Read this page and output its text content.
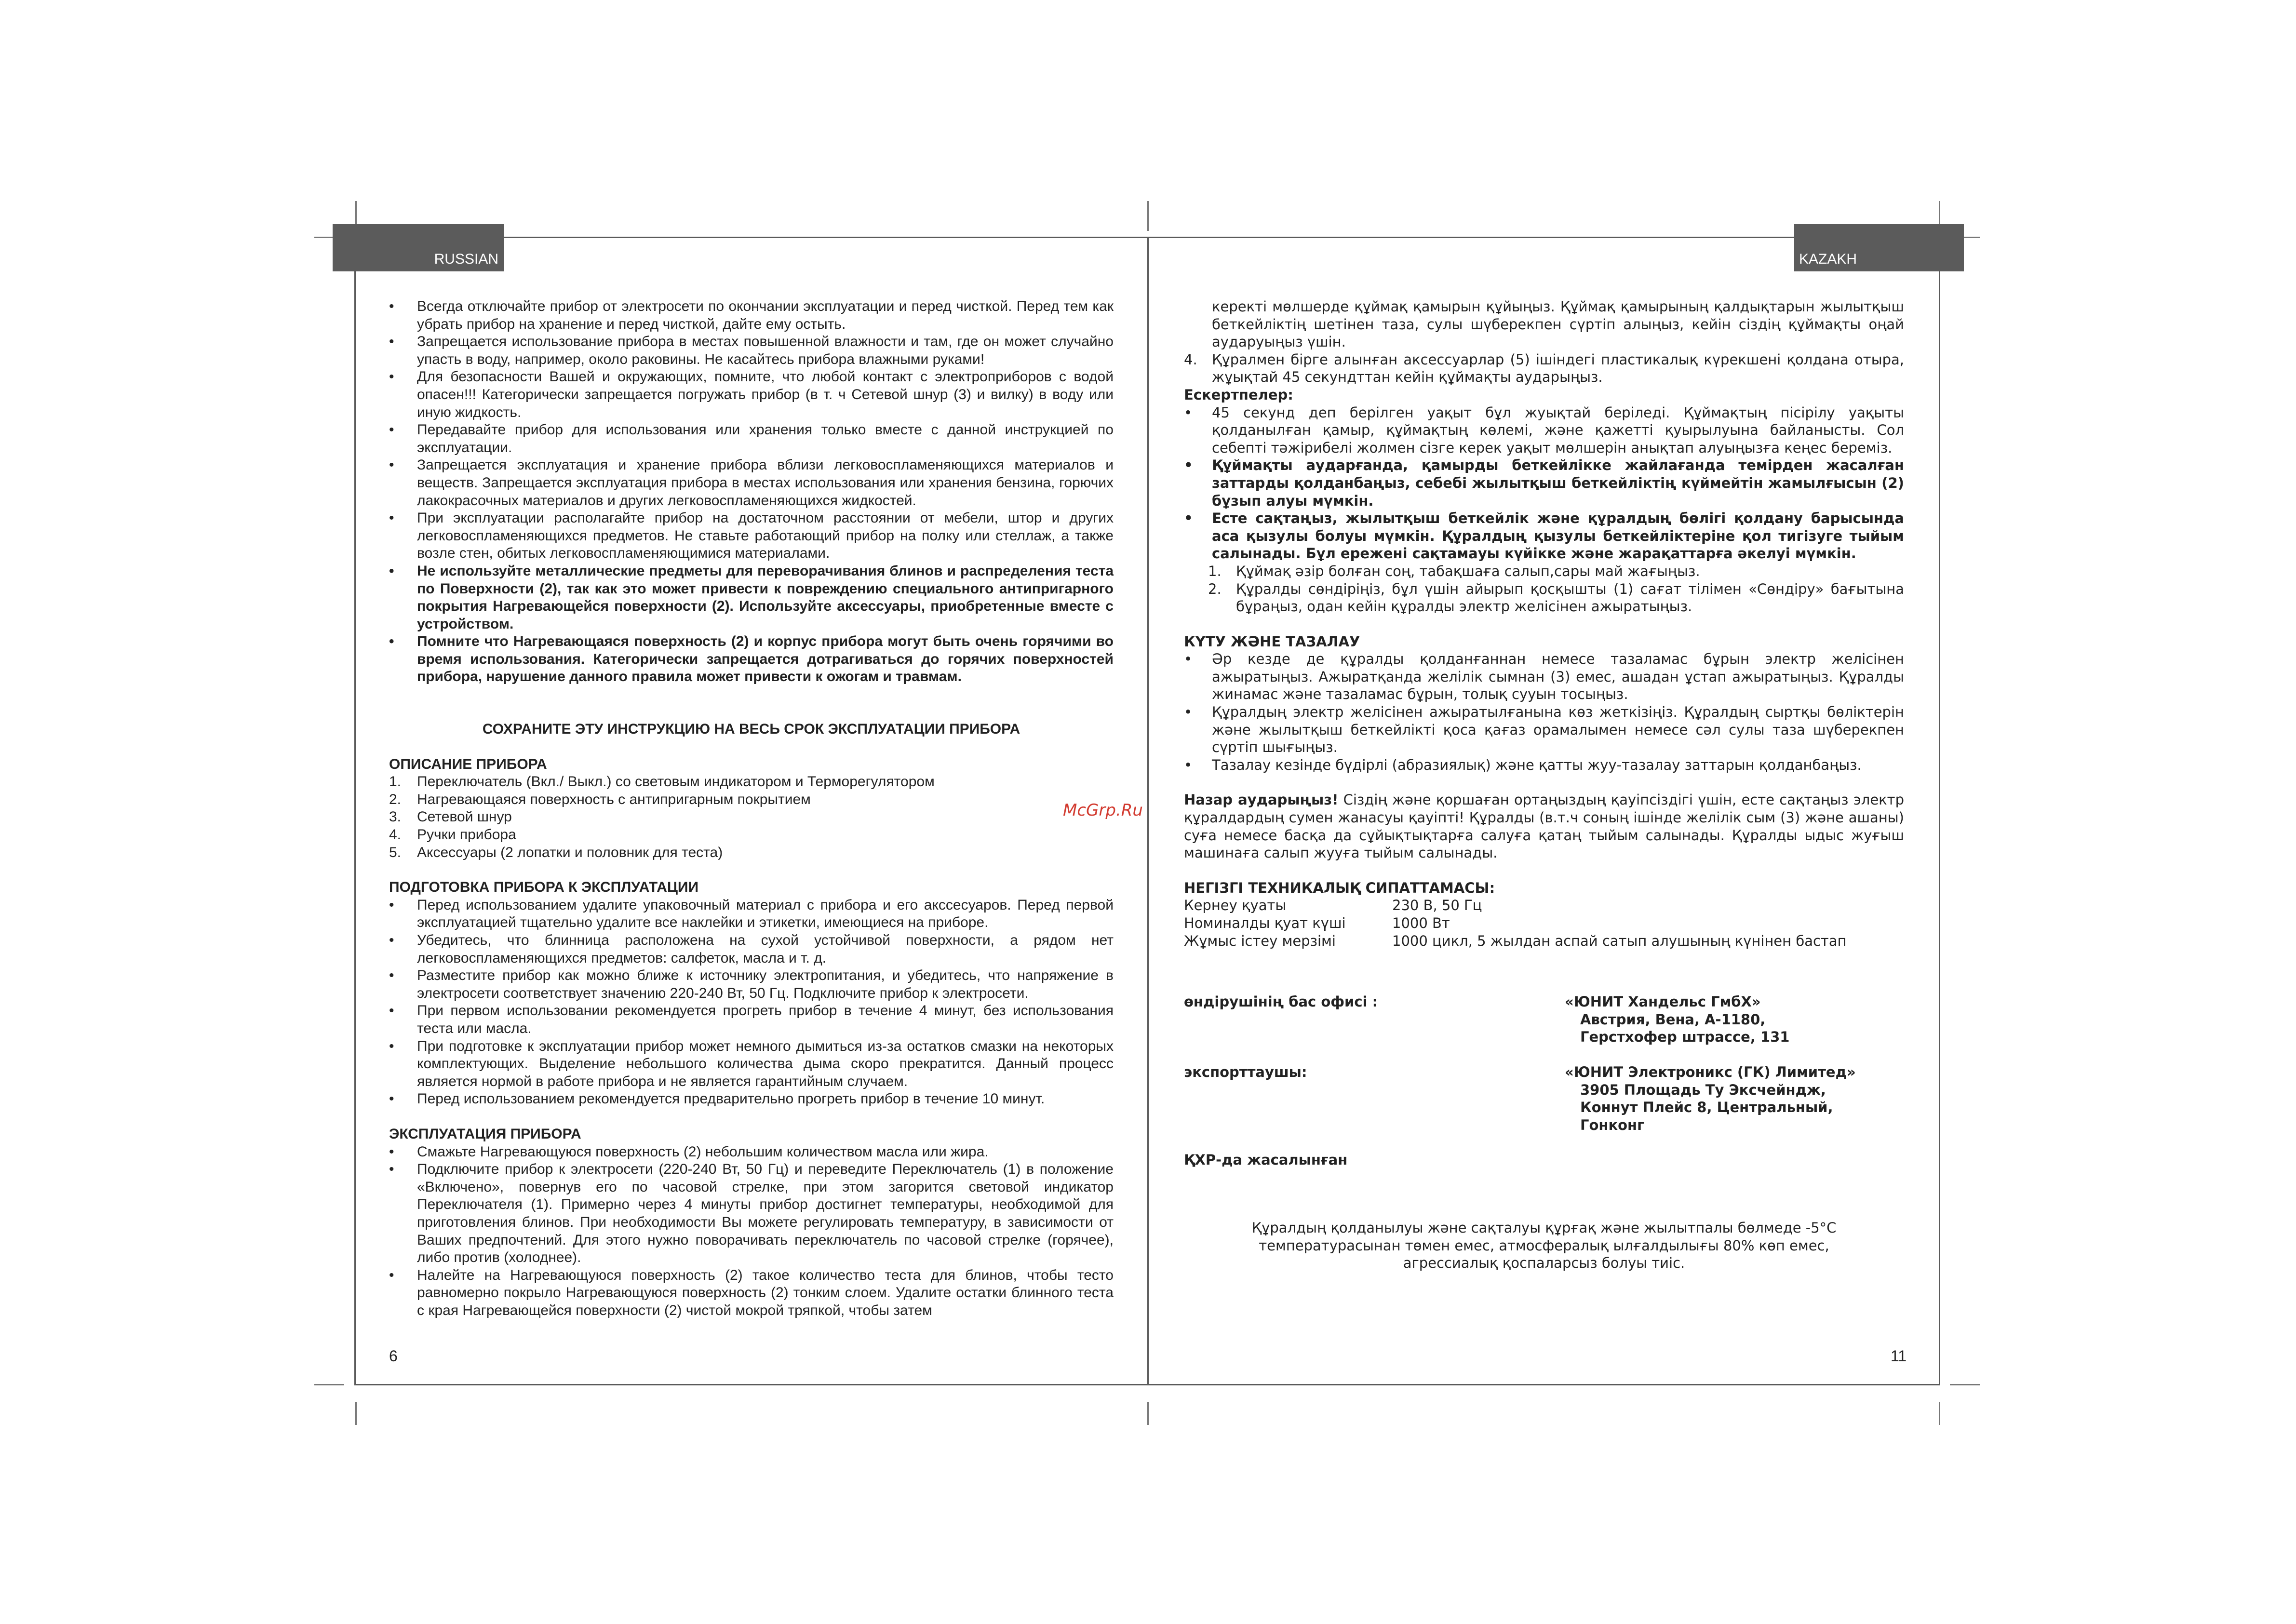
RUSSIAN	KAZAKH
McGrp.Ru
• Всегда отключайте прибор от электросети по окончании эксплуатации и перед чисткой. Перед тем как убрать прибор на хранение и перед чисткой, дайте ему остыть.
• Запрещается использование прибора в местах повышенной влажности и там, где он может случайно упасть в воду, например, около раковины. Не касайтесь прибора влажными руками!
• Для безопасности Вашей и окружающих, помните, что любой контакт с электроприборов с водой опасен!!! Категорически запрещается погружать прибор (в т. ч Сетевой шнур (3) и вилку) в воду или иную жидкость.
• Передавайте прибор для использования или хранения только вместе с данной инструкцией по эксплуатации.
• Запрещается эксплуатация и хранение прибора вблизи легковоспламеняющихся материалов и веществ. Запрещается эксплуатация прибора в местах использования или хранения бензина, горючих лакокрасочных материалов и других легковоспламеняющихся жидкостей.
• При эксплуатации располагайте прибор на достаточном расстоянии от мебели, штор и других легковоспламеняющихся предметов. Не ставьте работающий прибор на полку или стеллаж, а также возле стен, обитых легковоспламеняющимися материалами.
• Не используйте металлические предметы для переворачивания блинов и распределения теста по Поверхности (2), так как это может привести к повреждению специального антипригарного покрытия Нагревающейся поверхности (2). Используйте аксессуары, приобретенные вместе с устройством.
• Помните что Нагревающаяся поверхность (2) и корпус прибора могут быть очень горячими во время использования. Категорически запрещается дотрагиваться до горячих поверхностей прибора, нарушение данного правила может привести к ожогам и травмам.
СОХРАНИТЕ ЭТУ ИНСТРУКЦИЮ НА ВЕСЬ СРОК ЭКСПЛУАТАЦИИ ПРИБОРА
ОПИСАНИЕ ПРИБОРА
1. Переключатель (Вкл./ Выкл.) со световым индикатором и Терморегулятором
2. Нагревающаяся поверхность с антипригарным покрытием
3. Сетевой шнур
4. Ручки прибора
5. Аксессуары (2 лопатки и половник для теста)
ПОДГОТОВКА ПРИБОРА К ЭКСПЛУАТАЦИИ
• Перед использованием удалите упаковочный материал с прибора и его акссесуаров. Перед первой эксплуатацией тщательно удалите все наклейки и этикетки, имеющиеся на приборе.
• Убедитесь, что блинница расположена на сухой устойчивой поверхности, а рядом нет легковоспламеняющихся предметов: салфеток, масла и т. д.
• Разместите прибор как можно ближе к источнику электропитания, и убедитесь, что напряжение в электросети соответствует значению 220-240 Вт, 50 Гц. Подключите прибор к электросети.
• При первом использовании рекомендуется прогреть прибор в течение 4 минут, без использования теста или масла.
• При подготовке к эксплуатации прибор может немного дымиться из-за остатков смазки на некоторых комплектующих. Выделение небольшого количества дыма скоро прекратится. Данный процесс является нормой в работе прибора и не является гарантийным случаем.
• Перед использованием рекомендуется предварительно прогреть прибор в течение 10 минут.
ЭКСПЛУАТАЦИЯ ПРИБОРА
• Смажьте Нагревающуюся поверхность (2) небольшим количеством масла или жира.
• Подключите прибор к электросети (220-240 Вт, 50 Гц) и переведите Переключатель (1) в положение «Включено», повернув его по часовой стрелке, при этом загорится световой индикатор Переключателя (1). Примерно через 4 минуты прибор достигнет температуры, необходимой для приготовления блинов. При необходимости Вы можете регулировать температуру, в зависимости от Ваших предпочтений. Для этого нужно поворачивать переключатель по часовой стрелке (горячее), либо против (холоднее).
• Налейте на Нагревающуюся поверхность (2) такое количество теста для блинов, чтобы тесто равномерно покрыло Нагревающуюся поверхность (2) тонким слоем. Удалите остатки блинного теста с края Нагревающейся поверхности (2) чистой мокрой тряпкой, чтобы затем
6	11
керекті мөлшерде құймақ қамырын құйыңыз. Құймақ қамырының қалдықтарын жылытқыш беткейліктің шетінен таза, сулы шүберекпен сүртіп алыңыз, кейін сіздің құймақты оңай аударуыңыз үшін.
4. Құралмен бірге алынған аксессуарлар (5) ішіндегі пластикалық күрекшені қолдана отыра, жұықтай 45 секундттан кейін құймақты аударыңыз.
Ескертпелер:
• 45 секунд деп берілген уақыт бұл жуықтай беріледі. Құймақтың пісірілу уақыты қолданылған қамыр, құймақтың көлемі, және қажетті қуырылуына байланысты. Сол себепті тәжірибелі жолмен сізге керек уақыт мөлшерін анықтап алуыңызға кеңес береміз.
• Құймақты аударғанда, қамырды беткейлікке жайлағанда темірден жасалған заттарды қолданбаңыз, себебі жылытқыш беткейліктің күймейтін жамылғысын (2) бұзып алуы мүмкін.
• Есте сақтаңыз, жылытқыш беткейлік және құралдың бөлігі қолдану барысында аса қызулы болуы мүмкін. Құралдың қызулы беткейліктеріне қол тигізуге тыйым салынады. Бұл ережені сақтамауы күйікке және жарақаттарға әкелуі мүмкін.
1. Құймақ әзір болған соң, табақшаға салып,сары май жағыңыз.
2. Құралды сөндіріңіз, бұл үшін айырып қосқышты (1) сағат тілімен «Сөндіру» бағытына бұраңыз, одан кейін құралды электр желісінен ажыратыңыз.
КҮТУ ЖӘНЕ ТАЗАЛАУ
• Әр кезде де құралды қолданғаннан немесе тазаламас бұрын электр желісінен ажыратыңыз. Ажыратқанда желілік сымнан (3) емес, ашадан ұстап ажыратыңыз. Құралды жинамас және тазаламас бұрын, толық сууын тосыңыз.
• Құралдың электр желісінен ажыратылғанына көз жеткізіңіз. Құралдың сыртқы бөліктерін және жылытқыш беткейлікті қоса қағаз орамалымен немесе сәл сулы таза шүберекпен сүртіп шығыңыз.
• Тазалау кезінде бүдірлі (абразиялық) және қатты жуу-тазалау заттарын қолданбаңыз.
Назар аударыңыз! Сіздің және қоршаған ортаңыздың қауіпсіздігі үшін, есте сақтаңыз электр құралдардың сумен жанасуы қауіпті! Құралды (в.т.ч соның ішінде желілік сым (3) және ашаны) суға немесе басқа да сұйықтықтарға салуға қатаң тыйым салынады. Құралды ыдыс жуғыш машинаға салып жууға тыйым салынады.
НЕГІЗГІ ТЕХНИКАЛЫҚ СИПАТТАМАСЫ:
Кернеу қуаты	230 В, 50 Гц
Номиналды қуат күші	1000 Вт
Жұмыс істеу мерзімі	1000 цикл, 5 жылдан аспай сатып алушының күнінен бастап
өндірушінің бас офисі :	«ЮНИТ Хандельс ГмбХ»
Австрия, Вена, А-1180,
Герстхофер штрассе, 131
экспорттаушы:	«ЮНИТ Электроникс (ГК) Лимитед»
3905 Площадь Ту Эксчейндж,
Коннут Плейс 8, Центральный,
Гонконг
ҚХР-да жасалынған
Құралдың қолданылуы және сақталуы құрғақ және жылытпалы бөлмеде -5°С температурасынан төмен емес, атмосфералық ылғалдылығы 80% көп емес, агрессиалық қоспаларсыз болуы тиіс.
